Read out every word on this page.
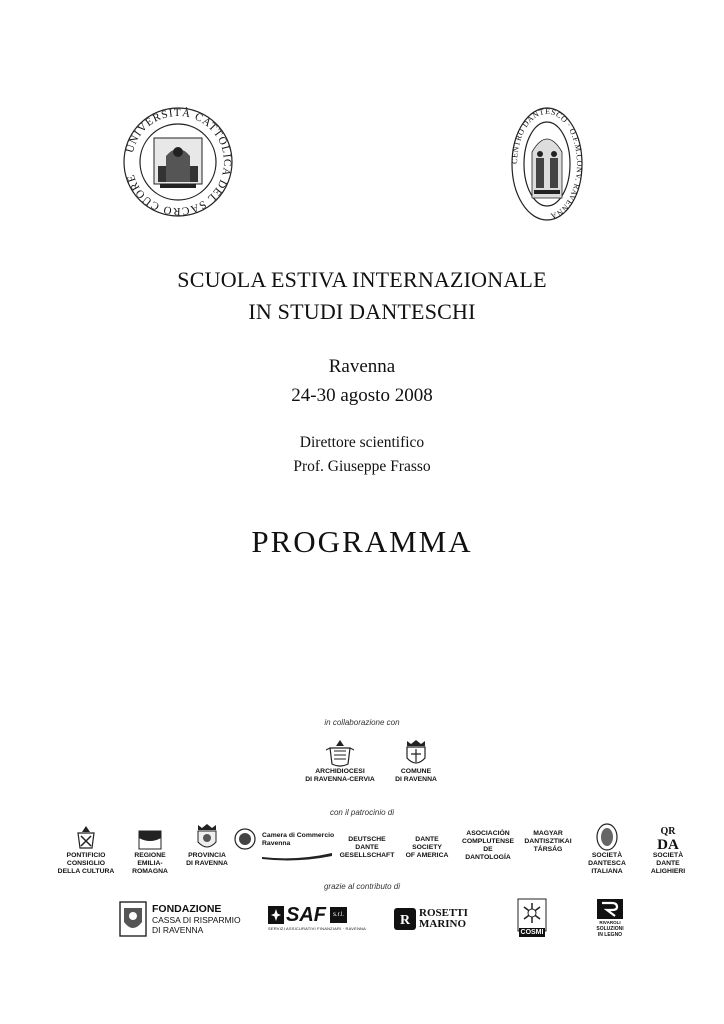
UNIVERSITÀ CATTOLICA DEL SACRO CUORE
CENTRO DANTESCO · O.F.M.CONV. RAVENNA
SCUOLA ESTIVA INTERNAZIONALE
IN STUDI DANTESCHI
Ravenna
24-30 agosto 2008
Direttore scientifico
Prof. Giuseppe Frasso
PROGRAMMA
in collaborazione con
ARCHIDIOCESI
DI RAVENNA-CERVIA
COMUNE
DI RAVENNA
con il patrocinio di
PONTIFICIO CONSIGLIO
DELLA CULTURA
REGIONE
EMILIA-ROMAGNA
PROVINCIA
DI RAVENNA
Camera di Commercio
Ravenna
DEUTSCHE DANTE
GESELLSCHAFT
DANTE SOCIETY
OF AMERICA
ASOCIACIÓN
COMPLUTENSE DE
DANTOLOGÍA
MAGYAR
DANTISZTIKAI
TÁRSÁG
SOCIETÀ DANTESCA
ITALIANA
QR
DA
SOCIETÀ
DANTE ALIGHIERI
grazie al contributo di
FONDAZIONE
CASSA DI RISPARMIO
DI RAVENNA
SAF	s.r.l.
SERVIZI ASSICURATIVI FINANZIARI · RAVENNA
R ROSETTI
MARINO
COSMI
RIVAROLI
SOLUZIONI
IN LEGNO
